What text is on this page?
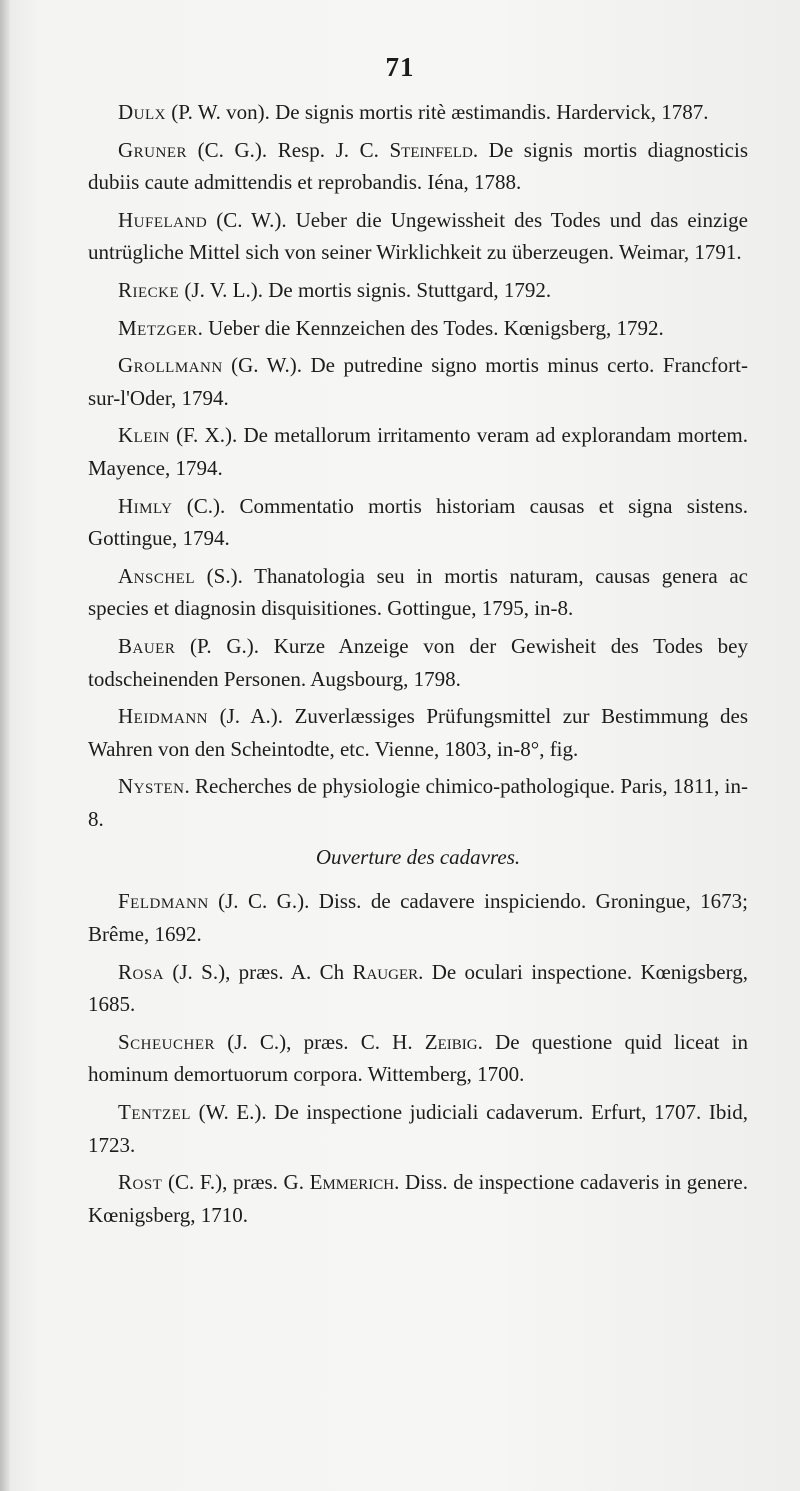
71

Dulx (P. W. von). De signis mortis ritè æstimandis. Hardervick, 1787.

Gruner (C. G.). Resp. J. C. Steinfeld. De signis mortis diagnosticis dubiis caute admittendis et reprobandis. Iéna, 1788.

Hufeland (C. W.). Ueber die Ungewissheit des Todes und das einzige untrügliche Mittel sich von seiner Wirklichkeit zu überzeugen. Weimar, 1791.

Riecke (J. V. L.). De mortis signis. Stuttgard, 1792.

Metzger. Ueber die Kennzeichen des Todes. Kœnigsberg, 1792.

Grollmann (G. W.). De putredine signo mortis minus certo. Francfort-sur-l'Oder, 1794.

Klein (F. X.). De metallorum irritamento veram ad explorandam mortem. Mayence, 1794.

Himly (C.). Commentatio mortis historiam causas et signa sistens. Gottingue, 1794.

Anschel (S.). Thanatologia seu in mortis naturam, causas genera ac species et diagnosin disquisitiones. Gottingue, 1795, in-8.

Bauer (P. G.). Kurze Anzeige von der Gewisheit des Todes bey todscheinenden Personen. Augsbourg, 1798.

Heidmann (J. A.). Zuverlæssiges Prüfungsmittel zur Bestimmung des Wahren von den Scheintodte, etc. Vienne, 1803, in-8°, fig.

Nysten. Recherches de physiologie chimico-pathologique. Paris, 1811, in-8.

Ouverture des cadavres.

Feldmann (J. C. G.). Diss. de cadavere inspiciendo. Groningue, 1673; Brême, 1692.

Rosa (J. S.), præs. A. Ch Rauger. De oculari inspectione. Kœnigsberg, 1685.

Scheucher (J. C.), præs. C. H. Zeibig. De questione quid liceat in hominum demortuorum corpora. Wittemberg, 1700.

Tentzel (W. E.). De inspectione judiciali cadaverum. Erfurt, 1707. Ibid, 1723.

Rost (C. F.), præs. G. Emmerich. Diss. de inspectione cadaveris in genere. Kœnigsberg, 1710.
